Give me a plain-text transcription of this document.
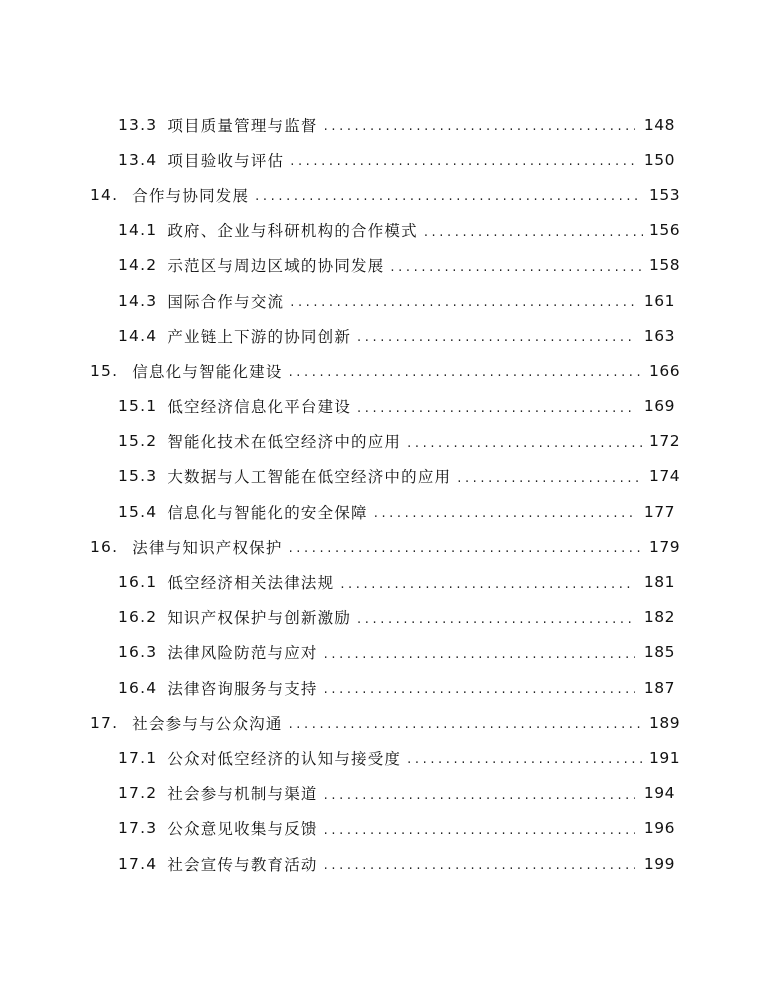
13.3 项目质量管理与监督 .....	148
13.4 项目验收与评估 .....	150
14. 合作与协同发展 .....	153
14.1 政府、企业与科研机构的合作模式 .....	156
14.2 示范区与周边区域的协同发展 .....	158
14.3 国际合作与交流 .....	161
14.4 产业链上下游的协同创新 .....	163
15. 信息化与智能化建设 .....	166
15.1 低空经济信息化平台建设 .....	169
15.2 智能化技术在低空经济中的应用 .....	172
15.3 大数据与人工智能在低空经济中的应用 .....	174
15.4 信息化与智能化的安全保障 .....	177
16. 法律与知识产权保护 .....	179
16.1 低空经济相关法律法规 .....	181
16.2 知识产权保护与创新激励 .....	182
16.3 法律风险防范与应对 .....	185
16.4 法律咨询服务与支持 .....	187
17. 社会参与与公众沟通 .....	189
17.1 公众对低空经济的认知与接受度 .....	191
17.2 社会参与机制与渠道 .....	194
17.3 公众意见收集与反馈 .....	196
17.4 社会宣传与教育活动 .....	199
